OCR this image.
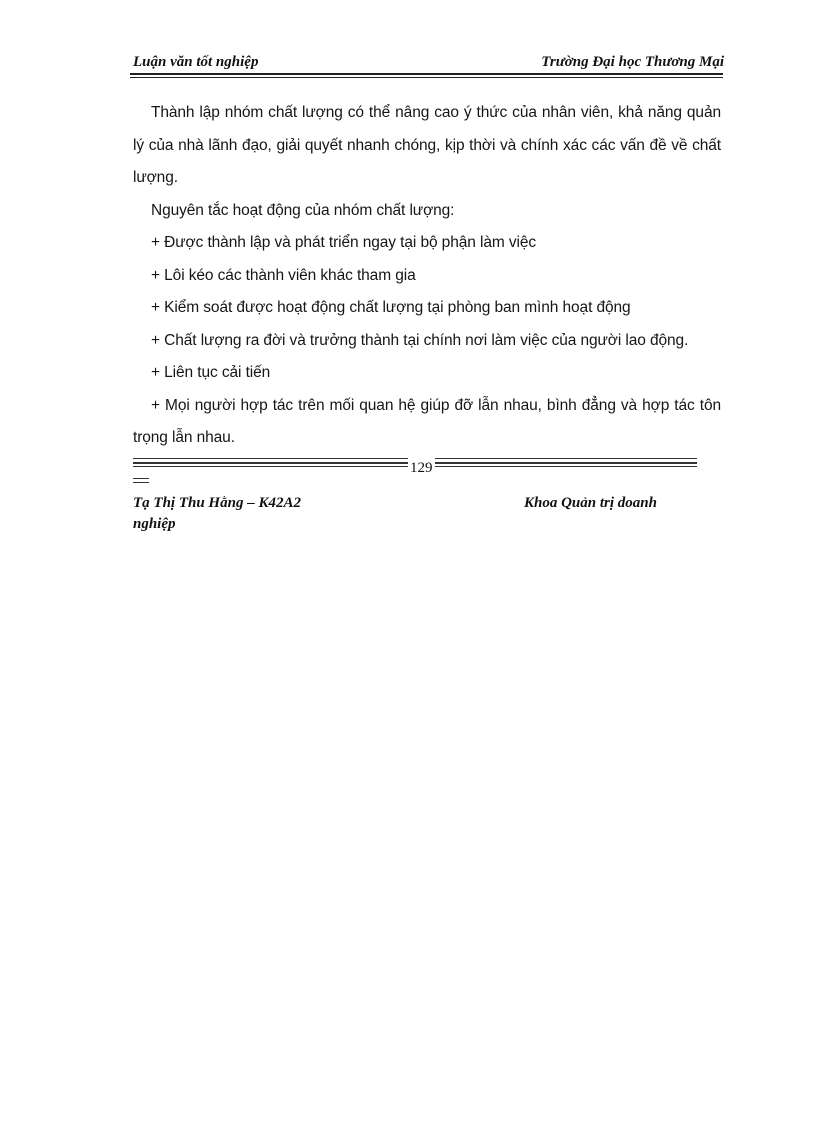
Luận văn tốt nghiệp	Trường Đại học Thương Mại

Thành lập nhóm chất lượng có thể nâng cao ý thức của nhân viên, khả năng quản lý của nhà lãnh đạo, giải quyết nhanh chóng, kịp thời và chính xác các vấn đề về chất lượng.

Nguyên tắc hoạt động của nhóm chất lượng:

+ Được thành lập và phát triển ngay tại bộ phận làm việc

+ Lôi kéo các thành viên khác tham gia

+ Kiểm soát được hoạt động chất lượng tại phòng ban mình hoạt động

+ Chất lượng ra đời và trưởng thành tại chính nơi làm việc của người lao động.

+ Liên tục cải tiến

+ Mọi người hợp tác trên mối quan hệ giúp đỡ lẫn nhau, bình đẳng và hợp tác tôn trọng lẫn nhau.

129
Tạ Thị Thu Hằng – K42A2	Khoa Quản trị doanh
nghiệp
